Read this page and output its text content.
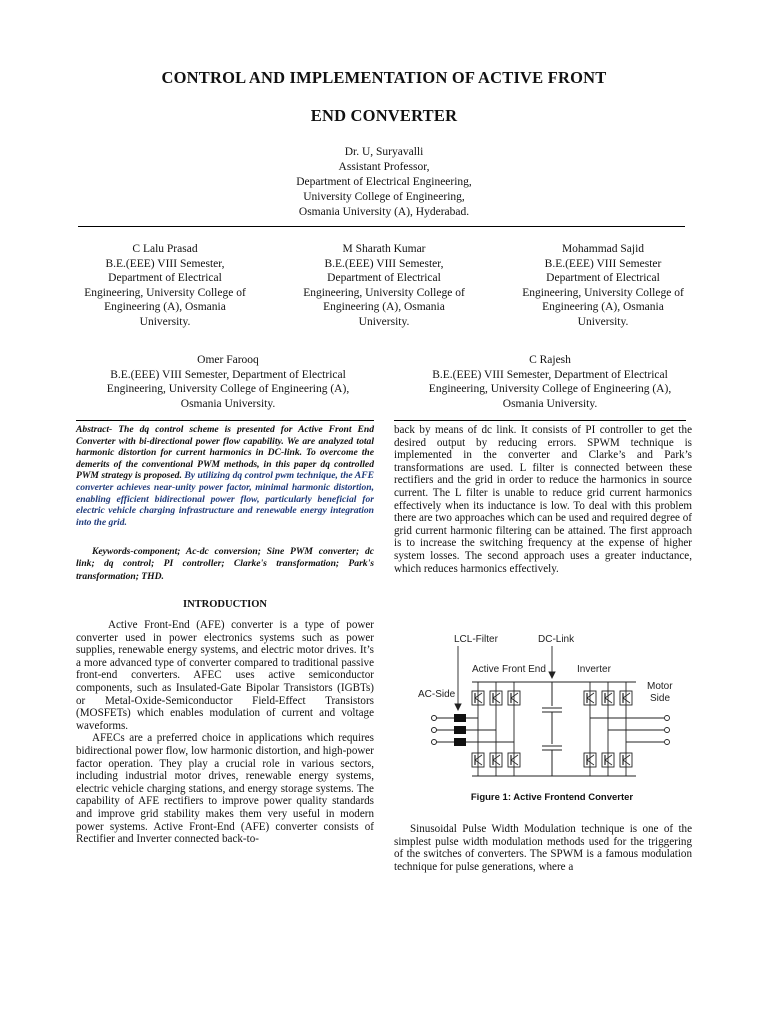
CONTROL AND IMPLEMENTATION OF ACTIVE FRONT
END CONVERTER
Dr. U, Suryavalli
Assistant Professor,
Department of Electrical Engineering,
University College of Engineering,
Osmania University (A), Hyderabad.
C Lalu Prasad
B.E.(EEE) VIII Semester,
Department of Electrical
Engineering, University College of
Engineering (A), Osmania
University.
M Sharath Kumar
B.E.(EEE) VIII Semester,
Department of Electrical
Engineering, University College of
Engineering (A), Osmania
University.
Mohammad Sajid
B.E.(EEE) VIII Semester
Department of Electrical
Engineering, University College of
Engineering (A), Osmania
University.
Omer Farooq
B.E.(EEE) VIII Semester, Department of Electrical
Engineering, University College of Engineering (A),
Osmania University.
C Rajesh
B.E.(EEE) VIII Semester, Department of Electrical
Engineering, University College of Engineering (A),
Osmania University.
Abstract- The dq control scheme is presented for Active Front End Converter with bi-directional power flow capability. We are analyzed total harmonic distortion for current harmonics in DC-link. To overcome the demerits of the conventional PWM methods, in this paper dq controlled PWM strategy is proposed. By utilizing dq control pwm technique, the AFE converter achieves near-unity power factor, minimal harmonic distortion, enabling efficient bidirectional power flow, particularly beneficial for electric vehicle charging infrastructure and renewable energy integration into the grid.
Keywords-component; Ac-dc conversion; Sine PWM converter; dc link; dq control; PI controller; Clarke's transformation; Park's transformation; THD.
INTRODUCTION
Active Front-End (AFE) converter is a type of power converter used in power electronics systems such as power supplies, renewable energy systems, and electric motor drives. It’s a more advanced type of converter compared to traditional passive front-end converters. AFEC uses active semiconductor components, such as Insulated-Gate Bipolar Transistors (IGBTs) or Metal-Oxide-Semiconductor Field-Effect Transistors (MOSFETs) which enables modulation of current and voltage waveforms.
AFECs are a preferred choice in applications which requires bidirectional power flow, low harmonic distortion, and high-power factor operation. They play a crucial role in various sectors, including industrial motor drives, renewable energy systems, electric vehicle charging stations, and energy storage systems. The capability of AFE rectifiers to improve power quality standards and improve grid stability makes them very useful in modern power systems. Active Front-End (AFE) converter consists of Rectifier and Inverter connected back-to-
back by means of dc link. It consists of PI controller to get the desired output by reducing errors. SPWM technique is implemented in the converter and Clarke’s and Park’s transformations are used. L filter is connected between these rectifiers and the grid in order to reduce the harmonics in source current. The L filter is unable to reduce grid current harmonics effectively when its inductance is low. To deal with this problem there are two approaches which can be used and required degree of grid current harmonic filtering can be attained. The first approach is to increase the switching frequency at the expense of higher system losses. The second approach uses a greater inductance, which reduces harmonics effectively.
LCL-Filter	DC-Link
Active Front End	Inverter
AC-Side
Motor
Side
Figure 1: Active Frontend Converter
Sinusoidal Pulse Width Modulation technique is one of the simplest pulse width modulation methods used for the triggering of the switches of converters. The SPWM is a famous modulation technique for pulse generations, where a
